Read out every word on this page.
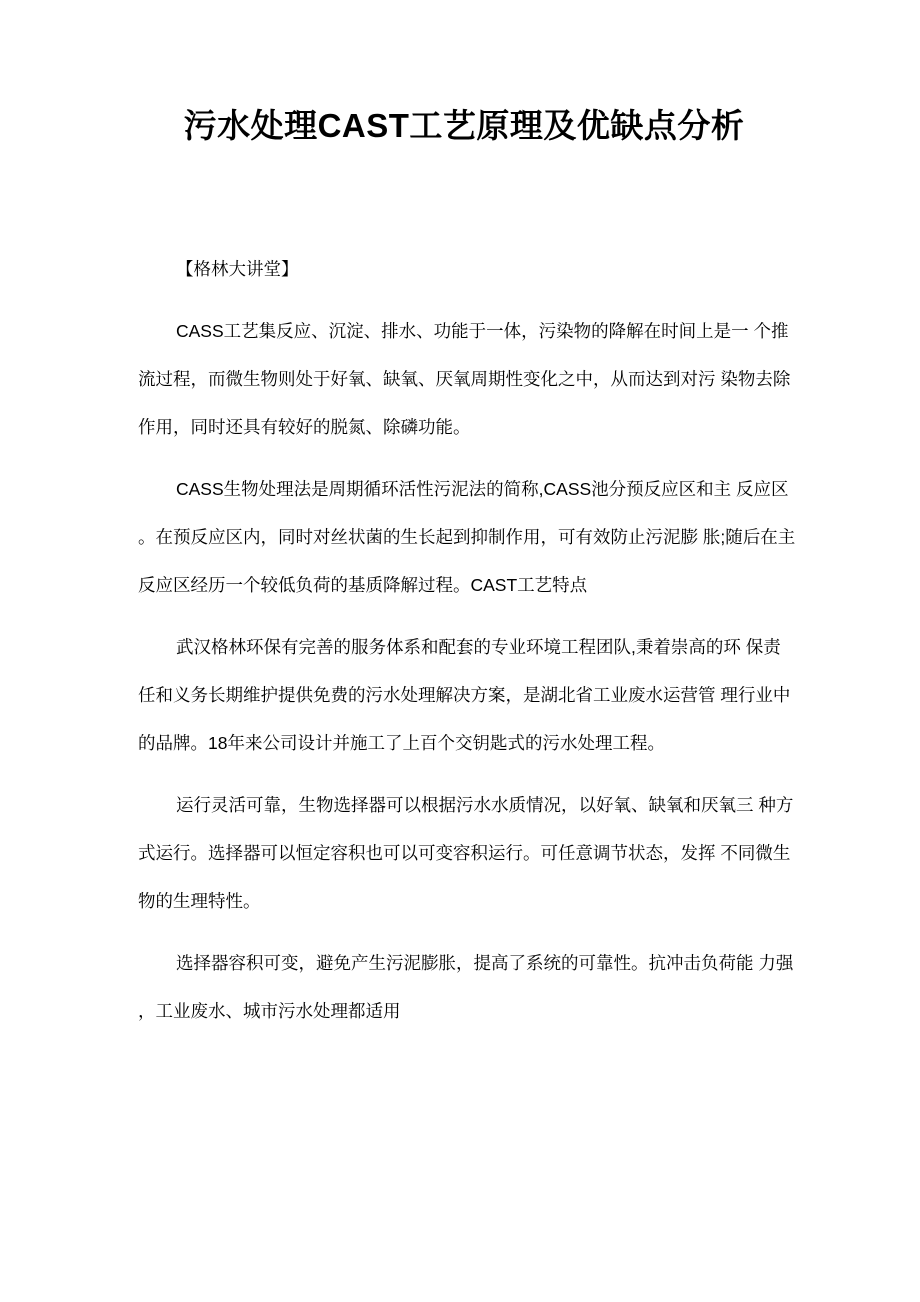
污水处理CAST工艺原理及优缺点分析
【格林大讲堂】
CASS工艺集反应、沉淀、排水、功能于一体，污染物的降解在时间上是一 个推
流过程，而微生物则处于好氧、缺氧、厌氧周期性变化之中，从而达到对污 染物去除
作用，同时还具有较好的脱氮、除磷功能。
CASS生物处理法是周期循环活性污泥法的简称,CASS池分预反应区和主 反应区
。在预反应区内，同时对丝状菌的生长起到抑制作用，可有效防止污泥膨 胀;随后在主
反应区经历一个较低负荷的基质降解过程。CAST工艺特点
武汉格林环保有完善的服务体系和配套的专业环境工程团队,秉着崇高的环 保责
任和义务长期维护提供免费的污水处理解决方案，是湖北省工业废水运营管 理行业中
的品牌。18年来公司设计并施工了上百个交钥匙式的污水处理工程。
运行灵活可靠，生物选择器可以根据污水水质情况，以好氧、缺氧和厌氧三 种方
式运行。选择器可以恒定容积也可以可变容积运行。可任意调节状态，发挥 不同微生
物的生理特性。
选择器容积可变，避免产生污泥膨胀，提高了系统的可靠性。抗冲击负荷能 力强
，工业废水、城市污水处理都适用
